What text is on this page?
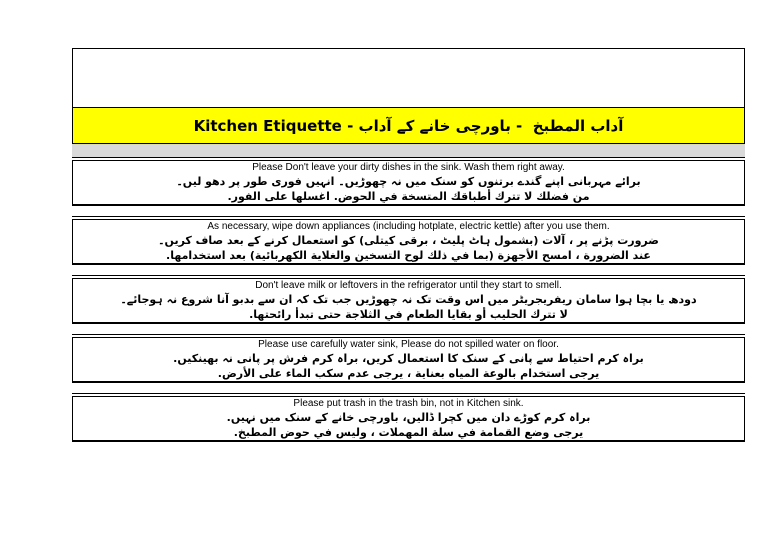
Kitchen Etiquette - باورچی خانے کے آداب - آداب المطبخ
Please Don't leave your dirty dishes in the sink. Wash them right away.
برائے مہربانی اپنے گندے برتنوں کو سنک میں نہ چھوڑیں۔ انہیں فوری طور پر دھو لیں۔
من فضلك لا تترك أطباقك المتسخة في الحوض. اغسلها على الفور.
As necessary, wipe down appliances (including hotplate, electric kettle) after you use them.
ضرورت پڑنے پر ، آلات (بشمول ہاٹ پلیٹ ، برقی کیتلی) کو استعمال کرنے کے بعد صاف کریں۔
عند الضرورة ، امسح الأجهزة (بما في ذلك لوح التسخين والغلاية الكهربائية) بعد استخدامها.
Don't leave milk or leftovers in the refrigerator until they start to smell.
دودھ یا بچا ہوا سامان ریفریجریٹر میں اس وقت تک نہ چھوڑیں جب تک کہ ان سے بدبو آنا شروع نہ ہوجائے۔
لا تترك الحليب أو بقايا الطعام في الثلاجة حتى تبدأ رائحتها.
Please use carefully water sink, Please do not spilled water on floor.
براہ کرم احتیاط سے پانی کے سنک کا استعمال کریں، براہ کرم فرش پر پانی نہ بھینکیں.
يرجى استخدام بالوعة المياه بعناية ، يرجى عدم سكب الماء على الأرض.
Please put trash in the trash bin, not in Kitchen sink.
براہ کرم کوڑے دان میں کچرا ڈالیں، باورچی خانے کے سنک میں نہیں.
يرجى وضع القمامة في سلة المهملات ، وليس في حوض المطبخ.
